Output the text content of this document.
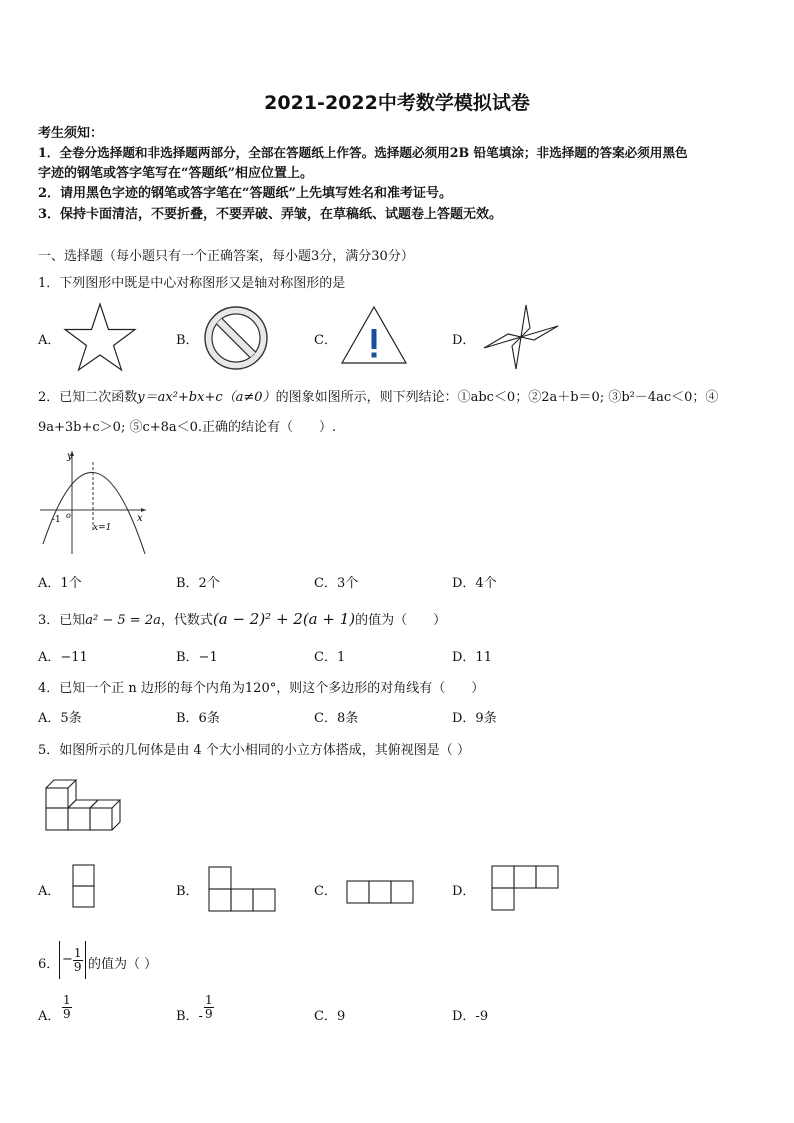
2021-2022中考数学模拟试卷
考生须知：
1．全卷分选择题和非选择题两部分，全部在答题纸上作答。选择题必须用2B 铅笔填涂；非选择题的答案必须用黑色
字迹的钢笔或答字笔写在“答题纸”相应位置上。
2．请用黑色字迹的钢笔或答字笔在“答题纸”上先填写姓名和准考证号。
3．保持卡面清洁，不要折叠，不要弄破、弄皱，在草稿纸、试题卷上答题无效。
一、选择题（每小题只有一个正确答案，每小题3分，满分30分）
1．下列图形中既是中心对称图形又是轴对称图形的是
A．	B．	C．	D．
2．已知二次函数y＝ax²+bx+c（a≠0）的图象如图所示，则下列结论：①abc＜0；②2a＋b＝0; ③b²－4ac＜0；④
9a+3b+c＞0; ⑤c+8a＜0.正确的结论有（　　）.
y
x
-1 o
x=1
A．1个	B．2个	C．3个	D．4个
3．已知a² − 5 = 2a，代数式(a − 2)² + 2(a + 1)的值为（　　）
A．−11	B．−1	C．1	D．11
4．已知一个正 n 边形的每个内角为120°，则这个多边形的对角线有（　　）
A．5条	B．6条	C．8条	D．9条
5．如图所示的几何体是由 4 个大小相同的小立方体搭成，其俯视图是（ ）
A．	B．	C．	D．
6． − $\frac{1}{9}$ 的值为（ ）
A． $\frac{1}{9}$	B．- $\frac{1}{9}$	C．9	D．-9
